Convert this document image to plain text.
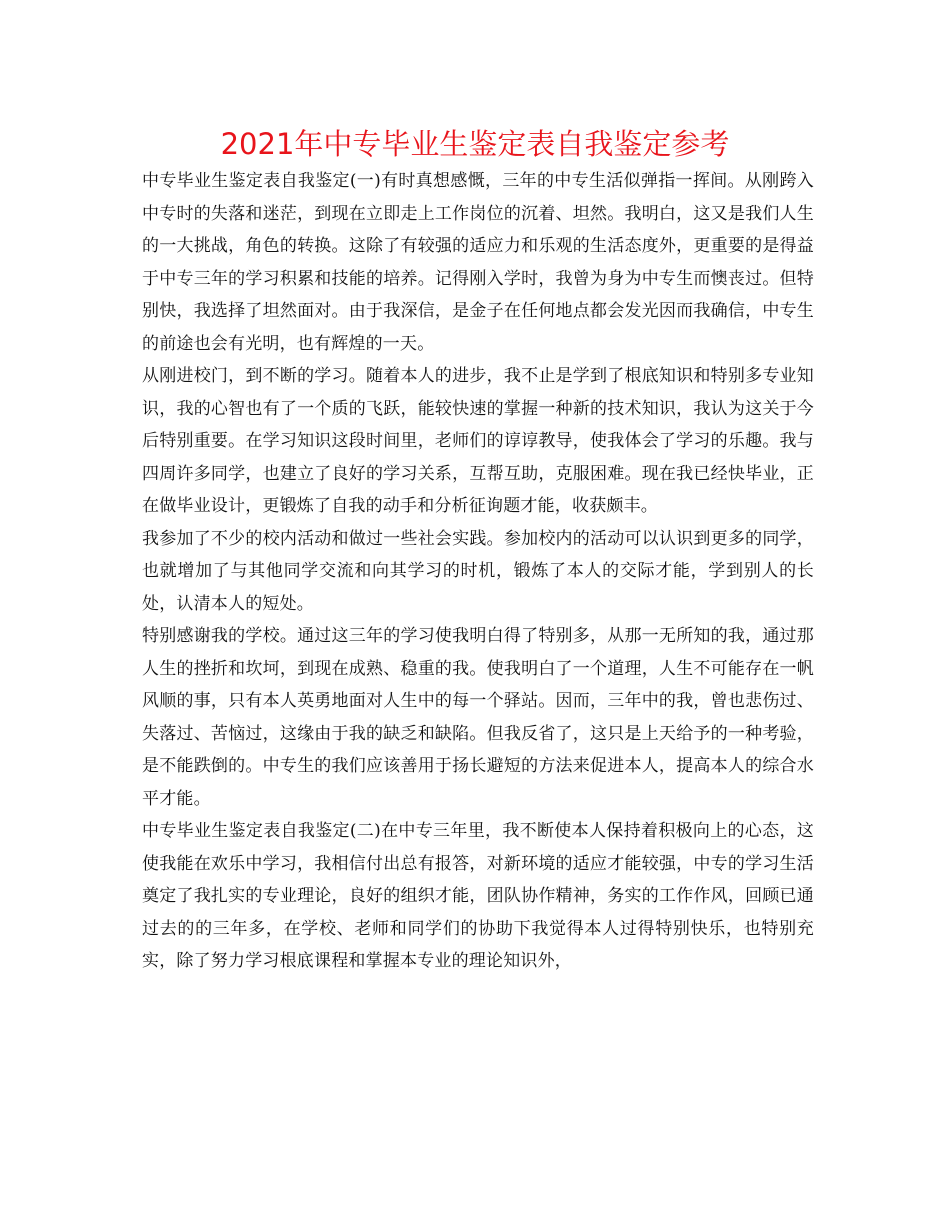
2021年中专毕业生鉴定表自我鉴定参考

中专毕业生鉴定表自我鉴定(一)有时真想感慨，三年的中专生活似弹指一挥间。从刚跨入中专时的失落和迷茫，到现在立即走上工作岗位的沉着、坦然。我明白，这又是我们人生的一大挑战，角色的转换。这除了有较强的适应力和乐观的生活态度外，更重要的是得益于中专三年的学习积累和技能的培养。记得刚入学时，我曾为身为中专生而懊丧过。但特别快，我选择了坦然面对。由于我深信，是金子在任何地点都会发光因而我确信，中专生的前途也会有光明，也有辉煌的一天。

从刚进校门，到不断的学习。随着本人的进步，我不止是学到了根底知识和特别多专业知识，我的心智也有了一个质的飞跃，能较快速的掌握一种新的技术知识，我认为这关于今后特别重要。在学习知识这段时间里，老师们的谆谆教导，使我体会了学习的乐趣。我与四周许多同学，也建立了良好的学习关系，互帮互助，克服困难。现在我已经快毕业，正在做毕业设计，更锻炼了自我的动手和分析征询题才能，收获颇丰。

我参加了不少的校内活动和做过一些社会实践。参加校内的活动可以认识到更多的同学，也就增加了与其他同学交流和向其学习的时机，锻炼了本人的交际才能，学到别人的长处，认清本人的短处。

特别感谢我的学校。通过这三年的学习使我明白得了特别多，从那一无所知的我，通过那人生的挫折和坎坷，到现在成熟、稳重的我。使我明白了一个道理，人生不可能存在一帆风顺的事，只有本人英勇地面对人生中的每一个驿站。因而，三年中的我，曾也悲伤过、失落过、苦恼过，这缘由于我的缺乏和缺陷。但我反省了，这只是上天给予的一种考验，是不能跌倒的。中专生的我们应该善用于扬长避短的方法来促进本人，提高本人的综合水平才能。

中专毕业生鉴定表自我鉴定(二)在中专三年里，我不断使本人保持着积极向上的心态，这使我能在欢乐中学习，我相信付出总有报答，对新环境的适应才能较强，中专的学习生活奠定了我扎实的专业理论，良好的组织才能，团队协作精神，务实的工作作风，回顾已通过去的的三年多，在学校、老师和同学们的协助下我觉得本人过得特别快乐，也特别充实，除了努力学习根底课程和掌握本专业的理论知识外，
